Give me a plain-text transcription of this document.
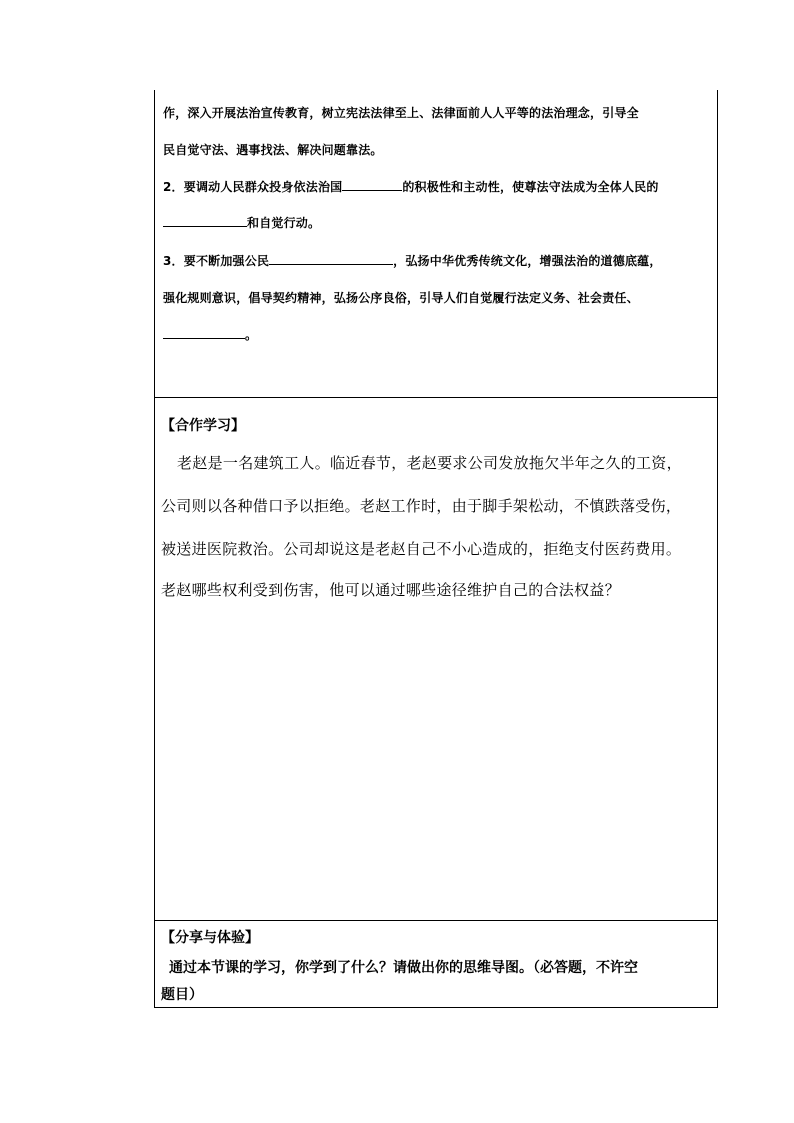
作，深入开展法治宣传教育，树立宪法法律至上、法律面前人人平等的法治理念，引导全
民自觉守法、遇事找法、解决问题靠法。
2．要调动人民群众投身依法治国	的积极性和主动性，使尊法守法成为全体人民的
和自觉行动。
3．要不断加强公民	，弘扬中华优秀传统文化，增强法治的道德底蕴，
强化规则意识，倡导契约精神，弘扬公序良俗，引导人们自觉履行法定义务、社会责任、
。
【合作学习】
老赵是一名建筑工人。临近春节，老赵要求公司发放拖欠半年之久的工资，
公司则以各种借口予以拒绝。老赵工作时，由于脚手架松动，不慎跌落受伤，
被送进医院救治。公司却说这是老赵自己不小心造成的，拒绝支付医药费用。
老赵哪些权利受到伤害，他可以通过哪些途径维护自己的合法权益？
【分享与体验】
通过本节课的学习，你学到了什么？请做出你的思维导图。（必答题，不许空
题目）
